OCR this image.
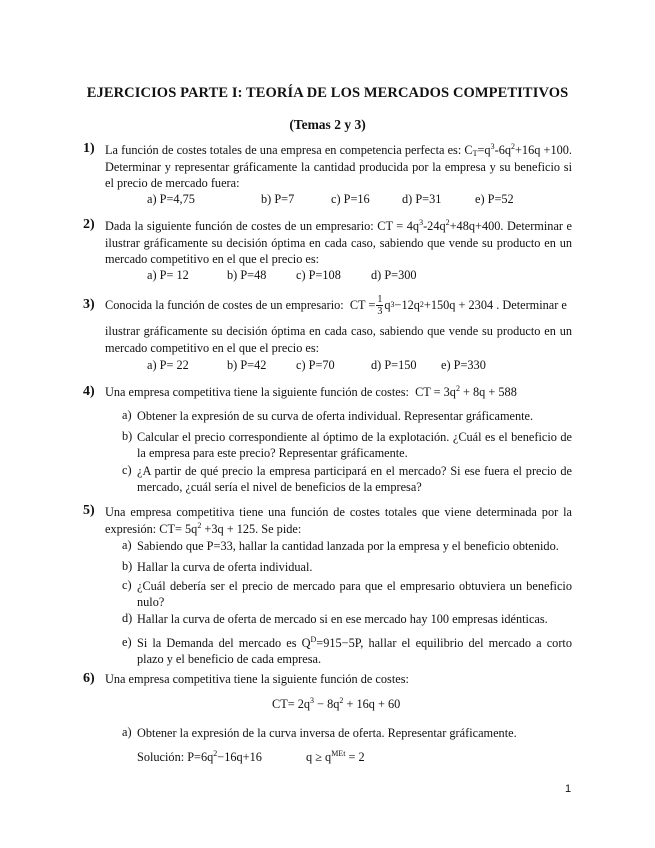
EJERCICIOS PARTE I: TEORÍA DE LOS MERCADOS COMPETITIVOS
(Temas 2 y 3)
1) La función de costes totales de una empresa en competencia perfecta es: $C_T=q^3-6q^2+16q +100$. Determinar y representar gráficamente la cantidad producida por la empresa y su beneficio si el precio de mercado fuera:
a) P=4,75	b) P=7	c) P=16	d) P=31	e) P=52
2) Dada la siguiente función de costes de un empresario: CT = $4q^3-24q^2+48q+400$. Determinar e ilustrar gráficamente su decisión óptima en cada caso, sabiendo que vende su producto en un mercado competitivo en el que el precio es:
a) P= 12	b) P=48 c) P=108 d) P=300
3) Conocida la función de costes de un empresario:
CT = $\frac{1}{3}$ q 3 −12q 2 +150q + 2304
. Determinar e
ilustrar gráficamente su decisión óptima en cada caso, sabiendo que vende su producto en un mercado competitivo en el que el precio es:
a) P= 22	b) P=42 c) P=70	d) P=150 e) P=330
4) Una empresa competitiva tiene la siguiente función de costes: CT = $3q^2 + 8q + 588$
a) Obtener la expresión de su curva de oferta individual. Representar gráficamente.
b) Calcular el precio correspondiente al óptimo de la explotación. ¿Cuál es el beneficio de la empresa para este precio? Representar gráficamente.
c) ¿A partir de qué precio la empresa participará en el mercado? Si ese fuera el precio de mercado, ¿cuál sería el nivel de beneficios de la empresa?
5) Una empresa competitiva tiene una función de costes totales que viene determinada por la expresión: $CT= 5q^2 +3q + 125$. Se pide:
a) Sabiendo que P=33, hallar la cantidad lanzada por la empresa y el beneficio obtenido.
b) Hallar la curva de oferta individual.
c) ¿Cuál debería ser el precio de mercado para que el empresario obtuviera un beneficio nulo?
d) Hallar la curva de oferta de mercado si en ese mercado hay 100 empresas idénticas.
e) Si la Demanda del mercado es $Q^D=915-5P$, hallar el equilibrio del mercado a corto plazo y el beneficio de cada empresa.
6) Una empresa competitiva tiene la siguiente función de costes:
$CT= 2q^3 - 8q^2 + 16q + 60$
a) Obtener la expresión de la curva inversa de oferta. Representar gráficamente.
Solución: $P=6q^2-16q+16$	$q \ge q^{MEt} = 2$
1
